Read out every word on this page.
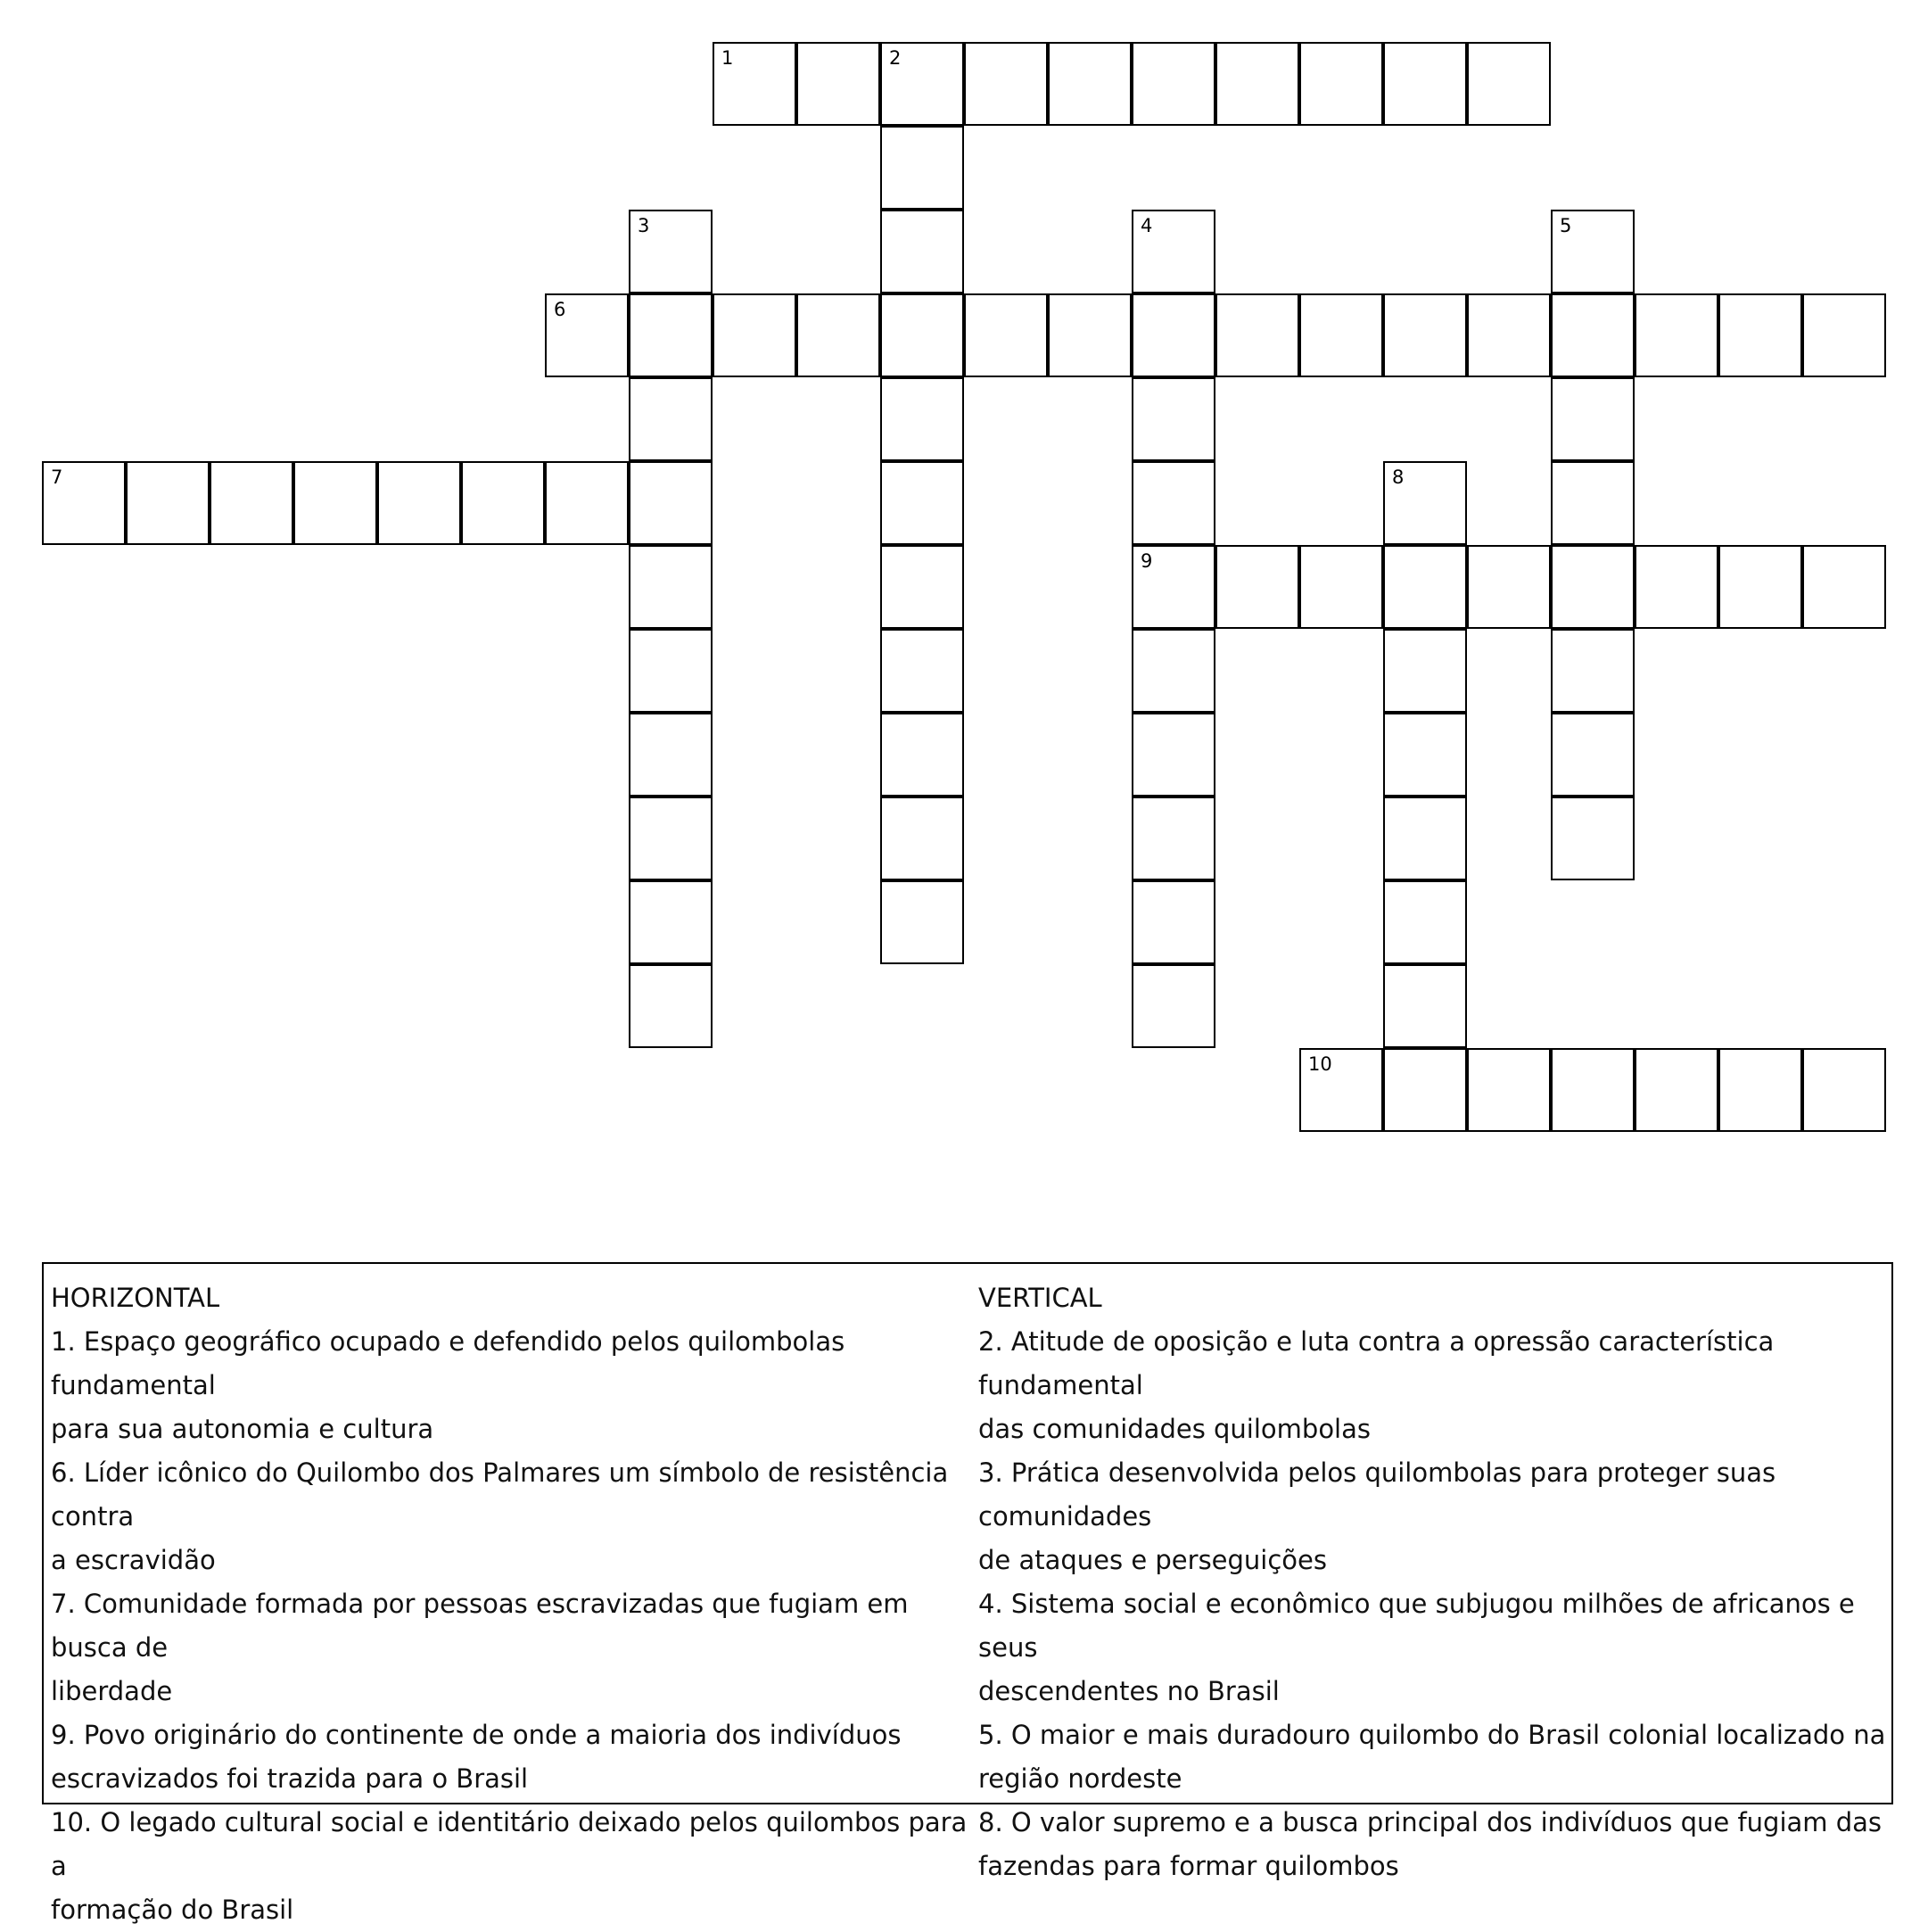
1	2
3	4
9
5
6
7	8
10
HORIZONTAL
1. Espaço geográfico ocupado e defendido pelos quilombolas fundamental
para sua autonomia e cultura
6. Líder icônico do Quilombo dos Palmares um símbolo de resistência contra
a escravidão
7. Comunidade formada por pessoas escravizadas que fugiam em busca de
liberdade
9. Povo originário do continente de onde a maioria dos indivíduos
escravizados foi trazida para o Brasil
10. O legado cultural social e identitário deixado pelos quilombos para a
formação do Brasil
VERTICAL
2. Atitude de oposição e luta contra a opressão característica fundamental
das comunidades quilombolas
3. Prática desenvolvida pelos quilombolas para proteger suas comunidades
de ataques e perseguições
4. Sistema social e econômico que subjugou milhões de africanos e seus
descendentes no Brasil
5. O maior e mais duradouro quilombo do Brasil colonial localizado na
região nordeste
8. O valor supremo e a busca principal dos indivíduos que fugiam das
fazendas para formar quilombos
